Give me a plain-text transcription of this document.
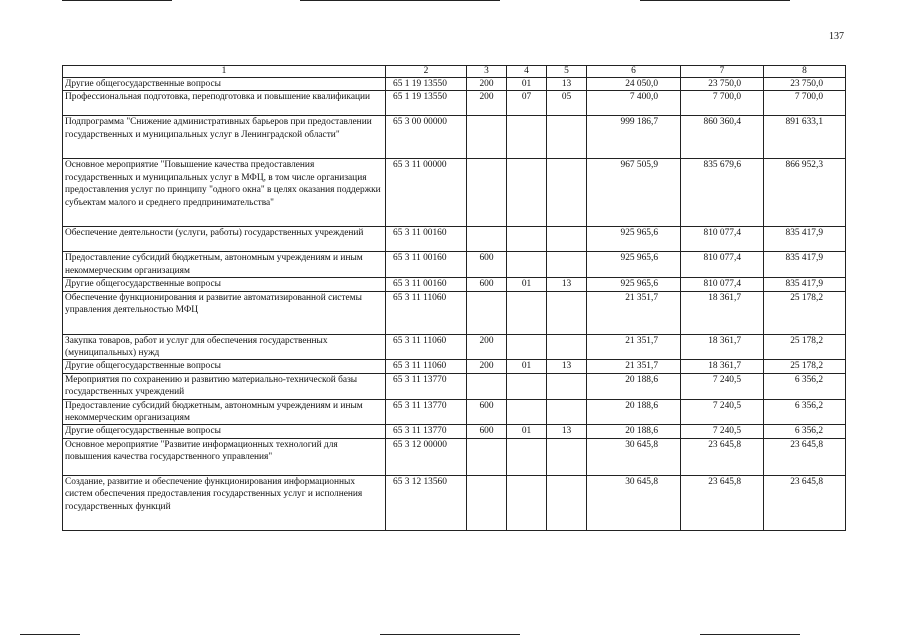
137
1	2	3	4	5	6	7	8
Другие общегосударственные вопросы	65 1 19 13550	200	01	13	24 050,0	23 750,0	23 750,0
Профессиональная подготовка, переподготовка и повышение квалификации	65 1 19 13550	200	07	05	7 400,0	7 700,0	7 700,0
Подпрограмма "Снижение административных барьеров при предоставлении государственных и муниципальных услуг в Ленинградской области"	65 3 00 00000				999 186,7	860 360,4	891 633,1
Основное мероприятие "Повышение качества предоставления государственных и муниципальных услуг в МФЦ, в том числе организация предоставления услуг по принципу "одного окна" в целях оказания поддержки субъектам малого и среднего предпринимательства"	65 3 11 00000				967 505,9	835 679,6	866 952,3
Обеспечение деятельности (услуги, работы) государственных учреждений	65 3 11 00160				925 965,6	810 077,4	835 417,9
Предоставление субсидий бюджетным, автономным учреждениям и иным некоммерческим организациям	65 3 11 00160	600			925 965,6	810 077,4	835 417,9
Другие общегосударственные вопросы	65 3 11 00160	600	01	13	925 965,6	810 077,4	835 417,9
Обеспечение функционирования и развитие автоматизированной системы управления деятельностью МФЦ	65 3 11 11060				21 351,7	18 361,7	25 178,2
Закупка товаров, работ и услуг для обеспечения государственных (муниципальных) нужд	65 3 11 11060	200			21 351,7	18 361,7	25 178,2
Другие общегосударственные вопросы	65 3 11 11060	200	01	13	21 351,7	18 361,7	25 178,2
Мероприятия по сохранению и развитию материально-технической базы государственных учреждений	65 3 11 13770				20 188,6	7 240,5	6 356,2
Предоставление субсидий бюджетным, автономным учреждениям и иным некоммерческим организациям	65 3 11 13770	600			20 188,6	7 240,5	6 356,2
Другие общегосударственные вопросы	65 3 11 13770	600	01	13	20 188,6	7 240,5	6 356,2
Основное мероприятие "Развитие информационных технологий для повышения качества государственного управления"	65 3 12 00000				30 645,8	23 645,8	23 645,8
Создание, развитие и обеспечение функционирования информационных систем обеспечения предоставления государственных услуг и исполнения государственных функций	65 3 12 13560				30 645,8	23 645,8	23 645,8
